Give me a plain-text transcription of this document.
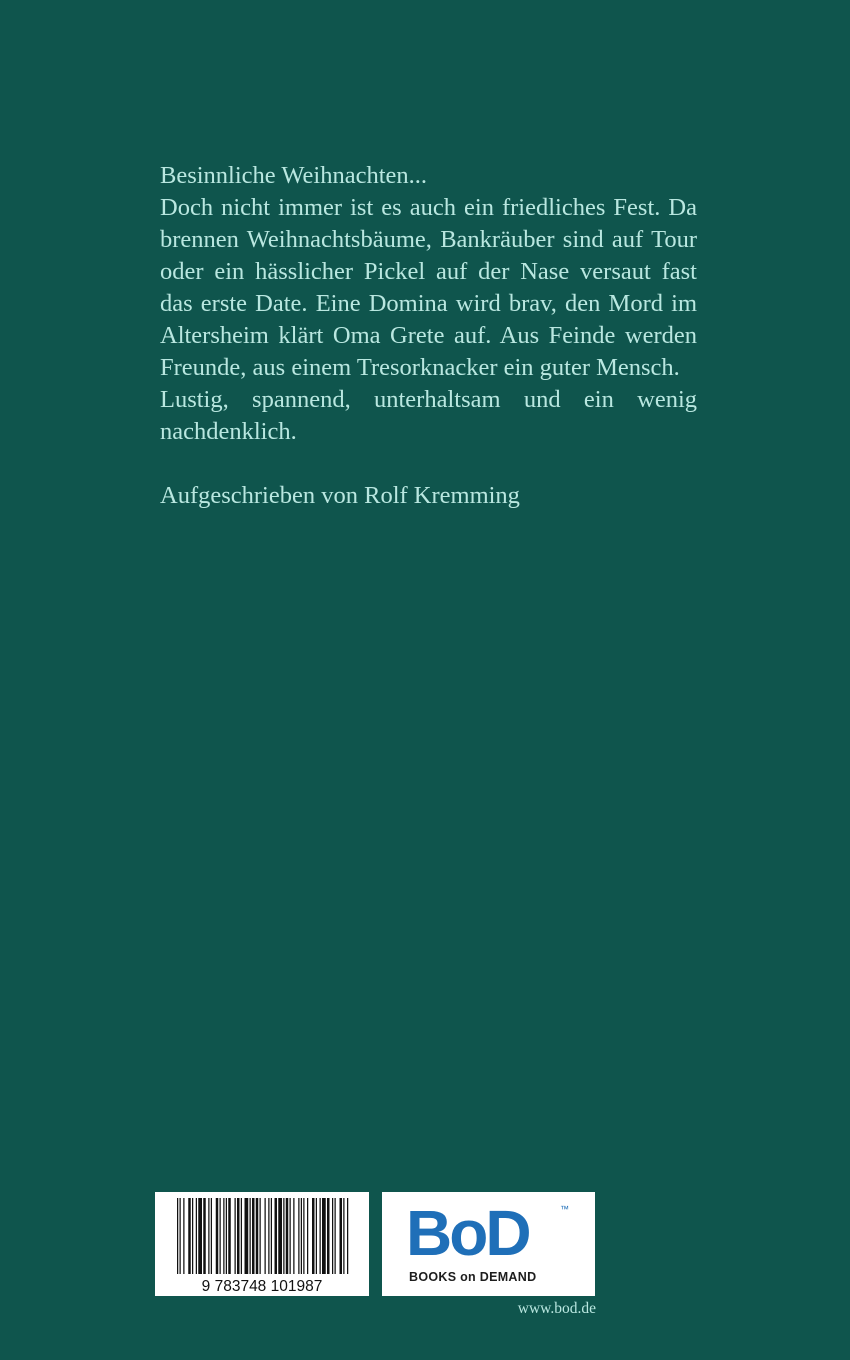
Besinnliche Weihnachten...

Doch nicht immer ist es auch ein friedliches Fest. Da brennen Weihnachtsbäume, Bankräuber sind auf Tour oder ein hässlicher Pickel auf der Nase versaut fast das erste Date. Eine Domina wird brav, den Mord im Altersheim klärt Oma Grete auf. Aus Feinde werden Freunde, aus einem Tresorknacker ein guter Mensch.

Lustig, spannend, unterhaltsam und ein wenig nachdenklich.

Aufgeschrieben von Rolf Kremming

9 783748 101987
BoD	™
BOOKS on DEMAND
www.bod.de
